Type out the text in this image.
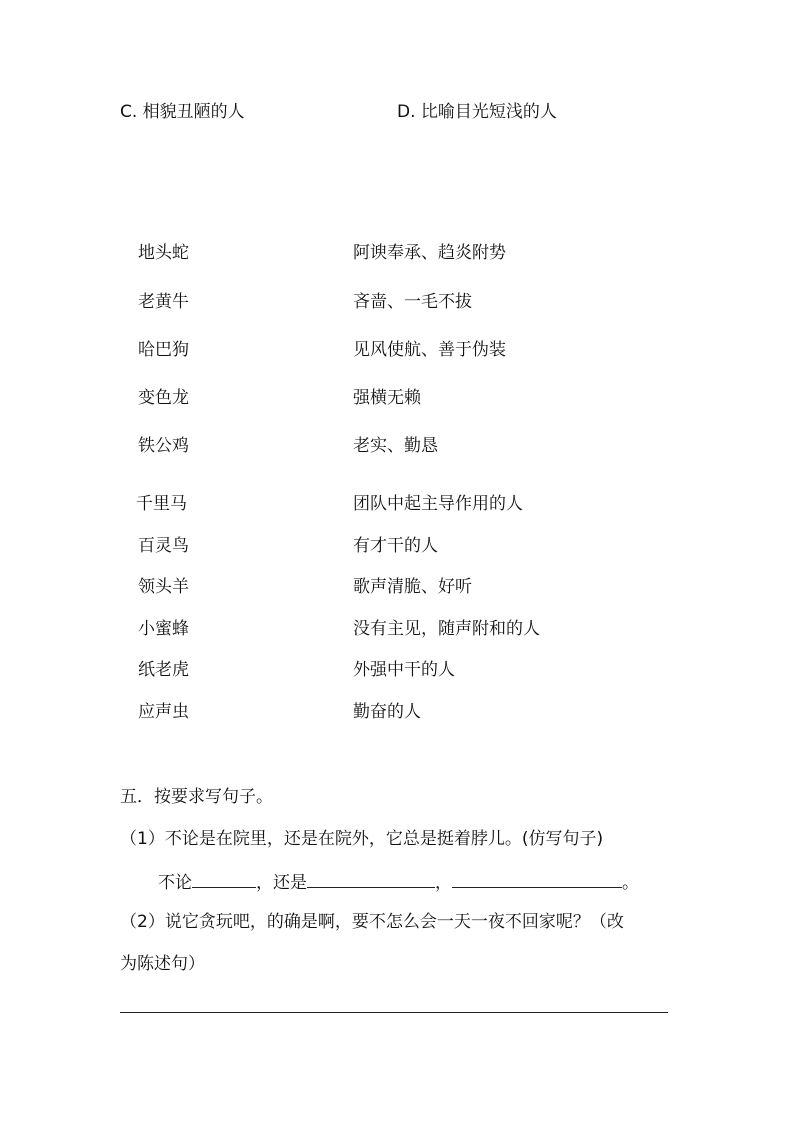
C. 相貌丑陋的人	D. 比喻目光短浅的人
地头蛇	阿谀奉承、趋炎附势
老黄牛	吝啬、一毛不拔
哈巴狗	见风使航、善于伪装
变色龙	强横无赖
铁公鸡	老实、勤恳
千里马	团队中起主导作用的人
百灵鸟	有才干的人
领头羊	歌声清脆、好听
小蜜蜂	没有主见，随声附和的人
纸老虎	外强中干的人
应声虫	勤奋的人
五．按要求写句子。
（1）不论是在院里，还是在院外，它总是挺着脖儿。(仿写句子)
不论	，还是	，	。
（2）说它贪玩吧，的确是啊，要不怎么会一天一夜不回家呢？（改
为陈述句）
